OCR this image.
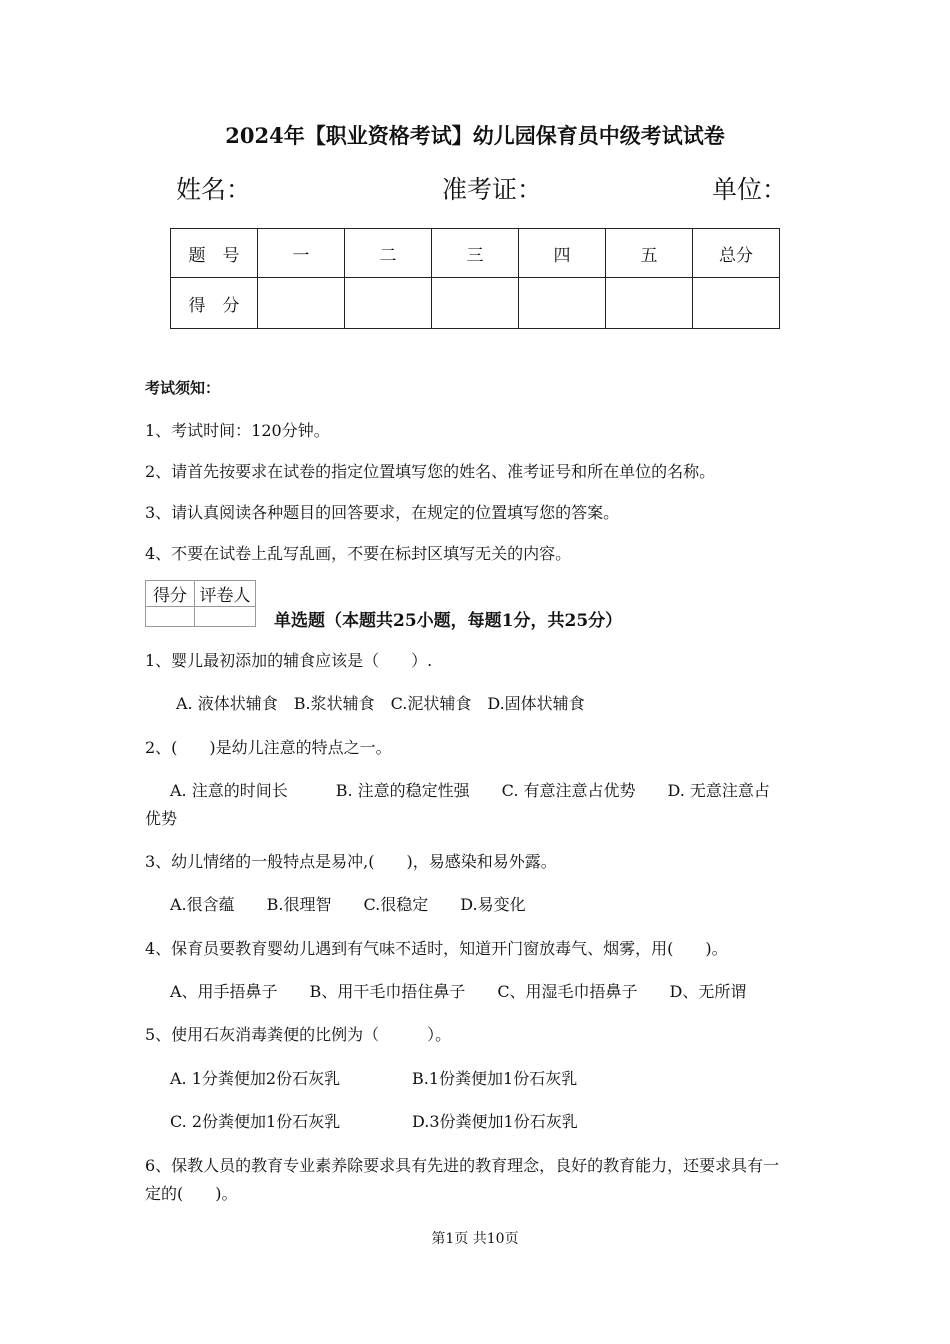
2024年【职业资格考试】幼儿园保育员中级考试试卷
姓名：	准考证：	单位：
题　号	一	二	三	四	五	总分
得　分						
考试须知：
1、考试时间：120分钟。
2、请首先按要求在试卷的指定位置填写您的姓名、准考证号和所在单位的名称。
3、请认真阅读各种题目的回答要求，在规定的位置填写您的答案。
4、不要在试卷上乱写乱画，不要在标封区填写无关的内容。
得分	评卷人

单选题（本题共25小题，每题1分，共25分）
1、婴儿最初添加的辅食应该是（　　）.
A. 液体状辅食　B.浆状辅食　C.泥状辅食　D.固体状辅食
2、(　　)是幼儿注意的特点之一。
A. 注意的时间长　　　B. 注意的稳定性强　　C. 有意注意占优势　　D. 无意注意占
优势
3、幼儿情绪的一般特点是易冲,(　　)，易感染和易外露。
A.很含蕴　　B.很理智　　C.很稳定　　D.易变化
4、保育员要教育婴幼儿遇到有气味不适时，知道开门窗放毒气、烟雾，用(　　)。
A、用手捂鼻子　　B、用干毛巾捂住鼻子　　C、用湿毛巾捂鼻子　　D、无所谓
5、使用石灰消毒粪便的比例为（　　　）。
A. 1分粪便加2份石灰乳	B.1份粪便加1份石灰乳
C. 2份粪便加1份石灰乳	D.3份粪便加1份石灰乳
6、保教人员的教育专业素养除要求具有先进的教育理念，良好的教育能力，还要求具有一
定的(　　)。
第1页 共10页
